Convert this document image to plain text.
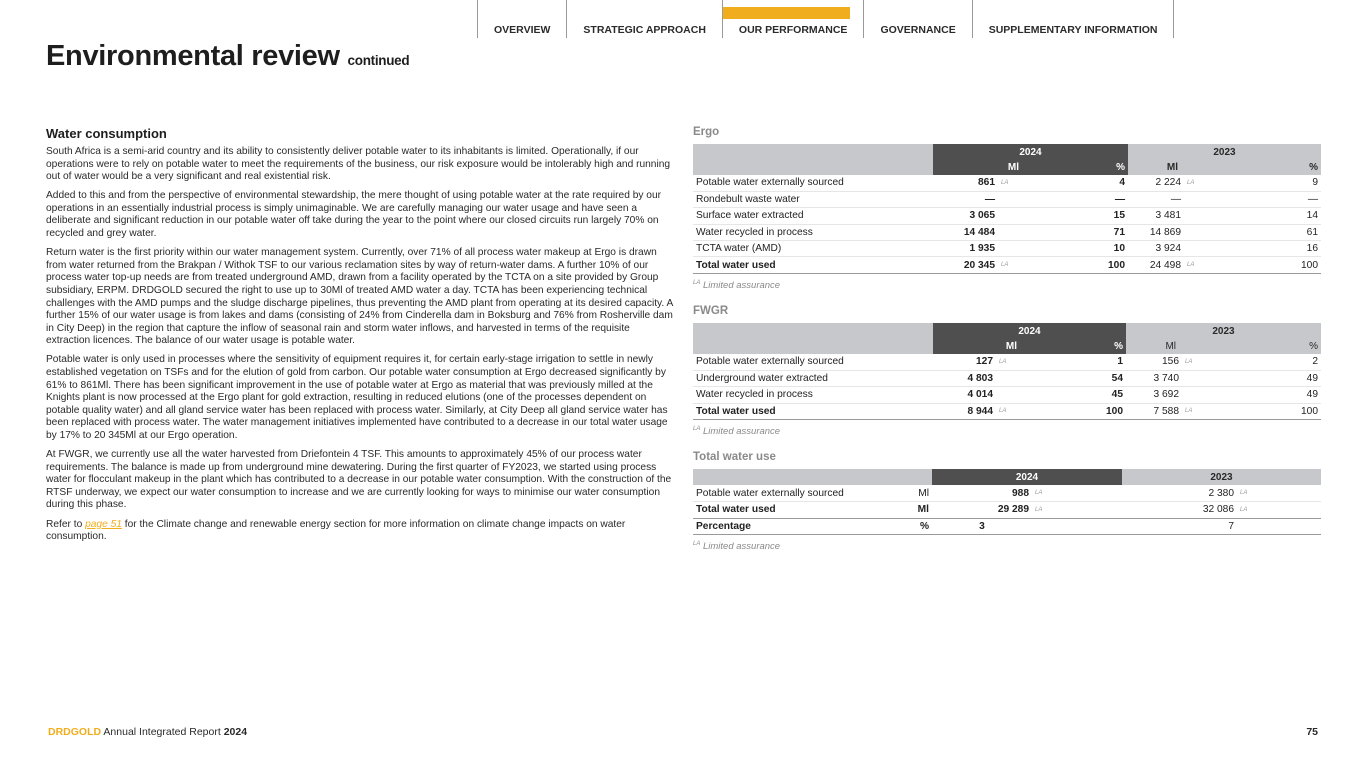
OVERVIEW	STRATEGIC APPROACH	OUR PERFORMANCE	GOVERNANCE	SUPPLEMENTARY INFORMATION
Environmental review continued
Water consumption

South Africa is a semi-arid country and its ability to consistently deliver potable water to its inhabitants is limited. Operationally, if our operations were to rely on potable water to meet the requirements of the business, our risk exposure would be intolerably high and running out of water would be a very significant and real existential risk.

Added to this and from the perspective of environmental stewardship, the mere thought of using potable water at the rate required by our operations in an essentially industrial process is simply unimaginable. We are carefully managing our water usage and have seen a deliberate and significant reduction in our potable water off take during the year to the point where our closed circuits run largely 70% on recycled and grey water.

Return water is the first priority within our water management system. Currently, over 71% of all process water makeup at Ergo is drawn from water returned from the Brakpan / Withok TSF to our various reclamation sites by way of return-water dams. A further 10% of our process water top-up needs are from treated underground AMD, drawn from a facility operated by the TCTA on a site provided by Group subsidiary, ERPM. DRDGOLD secured the right to use up to 30Ml of treated AMD water a day. TCTA has been experiencing technical challenges with the AMD pumps and the sludge discharge pipelines, thus preventing the AMD plant from operating at its desired capacity. A further 15% of our water usage is from lakes and dams (consisting of 24% from Cinderella dam in Boksburg and 76% from Rosherville dam in City Deep) in the region that capture the inflow of seasonal rain and storm water inflows, and harvested in terms of the requisite extraction licences. The balance of our water usage is potable water.

Potable water is only used in processes where the sensitivity of equipment requires it, for certain early-stage irrigation to settle in newly established vegetation on TSFs and for the elution of gold from carbon. Our potable water consumption at Ergo decreased significantly by 61% to 861Ml. There has been significant improvement in the use of potable water at Ergo as material that was previously milled at the Knights plant is now processed at the Ergo plant for gold extraction, resulting in reduced elutions (one of the processes dependent on potable quality water) and all gland service water has been replaced with process water. Similarly, at City Deep all gland service water has been replaced with process water. The water management initiatives implemented have contributed to a decrease in our total water usage by 17% to 20 345Ml at our Ergo operation.

At FWGR, we currently use all the water harvested from Driefontein 4 TSF. This amounts to approximately 45% of our process water requirements. The balance is made up from underground mine dewatering. During the first quarter of FY2023, we started using process water for flocculant makeup in the plant which has contributed to a decrease in our potable water consumption. With the construction of the RTSF underway, we expect our water consumption to increase and we are currently looking for ways to minimise our water consumption during this phase.

Refer to page 51 for the Climate change and renewable energy section for more information on climate change impacts on water consumption.

Ergo
	2024			2023		
	Ml		%	Ml		%
Potable water externally sourced	861	LA	4	2 224	LA	9
Rondebult waste water	—		—	—		—
Surface water extracted	3 065		15	3 481		14
Water recycled in process	14 484		71	14 869		61
TCTA water (AMD)	1 935		10	3 924		16
Total water used	20 345	LA	100	24 498	LA	100
$^{LA}$ Limited assurance
FWGR
	2024			2023		
	Ml		%	Ml		%
Potable water externally sourced	127	LA	1	156	LA	2
Underground water extracted	4 803		54	3 740		49
Water recycled in process	4 014		45	3 692		49
Total water used	8 944	LA	100	7 588	LA	100
$^{LA}$ Limited assurance
Total water use
		2024		2023	
Potable water externally sourced	Ml	988	LA	2 380	LA
Total water used	Ml	29 289	LA	32 086	LA
Percentage	%	3		7	
$^{LA}$ Limited assurance
DRDGOLD Annual Integrated Report 2024	75
